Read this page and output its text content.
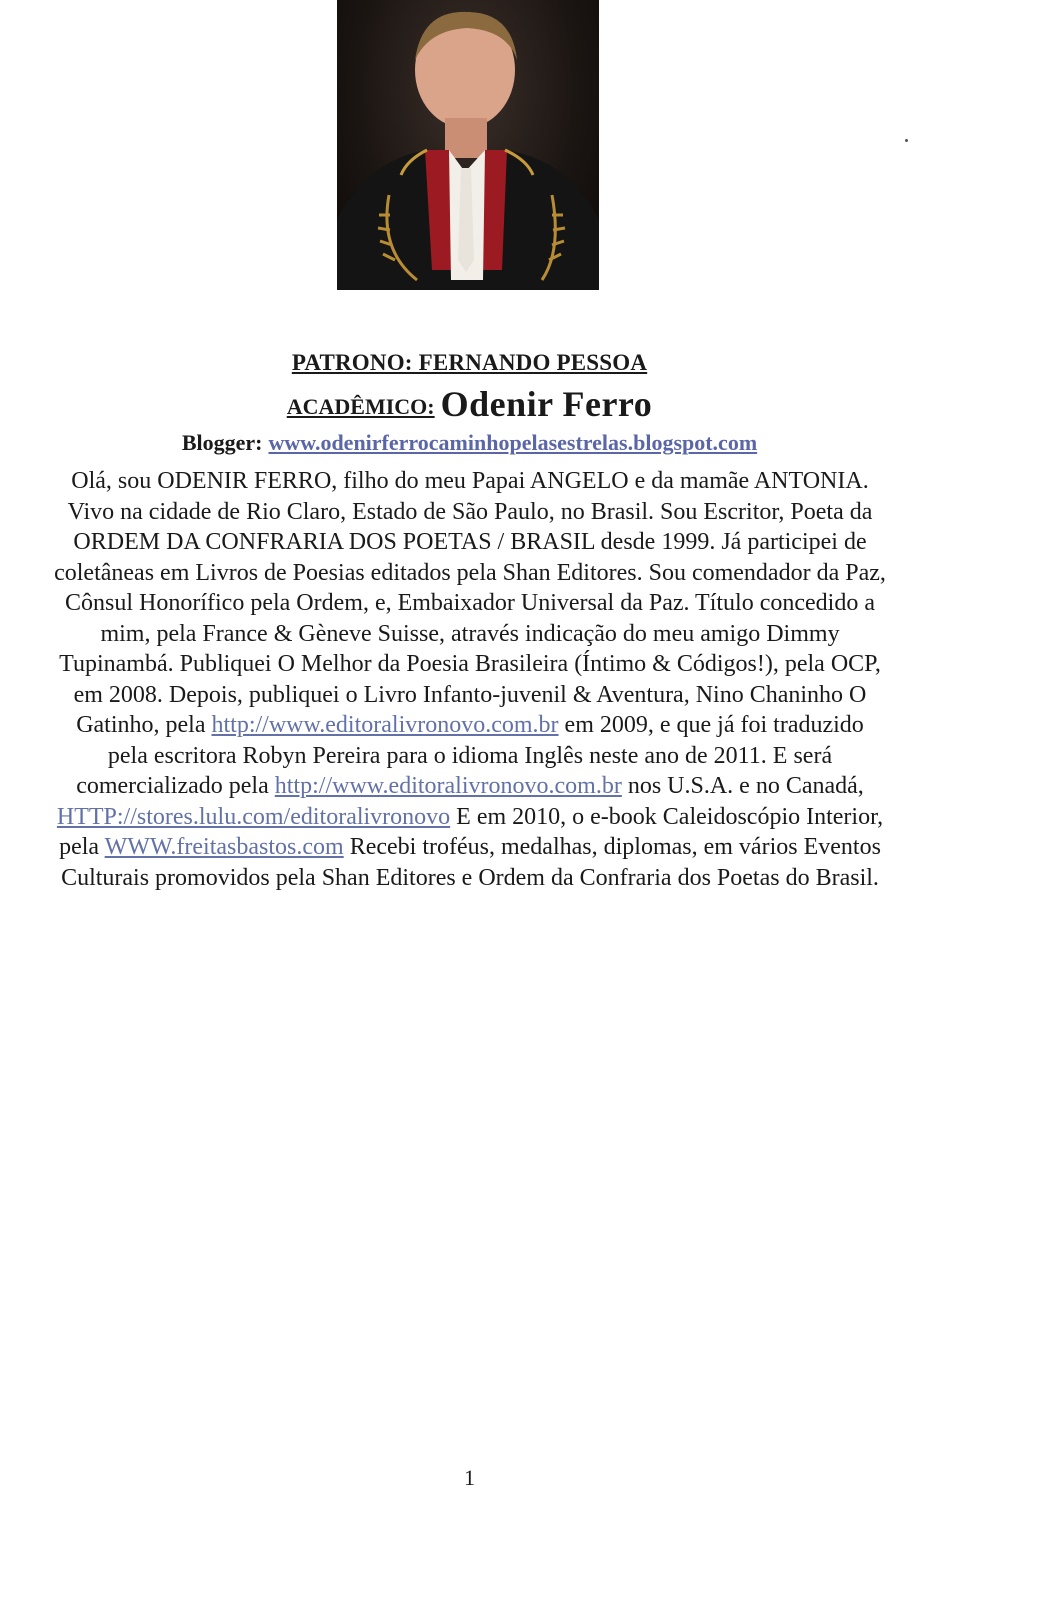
PATRONO: FERNANDO PESSOA
ACADÊMICO: Odenir Ferro
Blogger: www.odenirferrocaminhopelasestrelas.blogspot.com

Olá, sou ODENIR FERRO, filho do meu Papai ANGELO e da mamãe ANTONIA.
Vivo na cidade de Rio Claro, Estado de São Paulo, no Brasil. Sou Escritor, Poeta da
ORDEM DA CONFRARIA DOS POETAS / BRASIL desde 1999. Já participei de
coletâneas em Livros de Poesias editados pela Shan Editores. Sou comendador da Paz,
Cônsul Honorífico pela Ordem, e, Embaixador Universal da Paz. Título concedido a
mim, pela France & Gèneve Suisse, através indicação do meu amigo Dimmy
Tupinambá. Publiquei O Melhor da Poesia Brasileira (Íntimo & Códigos!), pela OCP,
em 2008. Depois, publiquei o Livro Infanto-juvenil & Aventura, Nino Chaninho O
Gatinho, pela http://www.editoralivronovo.com.br em 2009, e que já foi traduzido
pela escritora Robyn Pereira para o idioma Inglês neste ano de 2011. E será
comercializado pela http://www.editoralivronovo.com.br nos U.S.A. e no Canadá,
HTTP://stores.lulu.com/editoralivronovo E em 2010, o e-book Caleidoscópio Interior,
pela WWW.freitasbastos.com Recebi troféus, medalhas, diplomas, em vários Eventos
Culturais promovidos pela Shan Editores e Ordem da Confraria dos Poetas do Brasil.

1
